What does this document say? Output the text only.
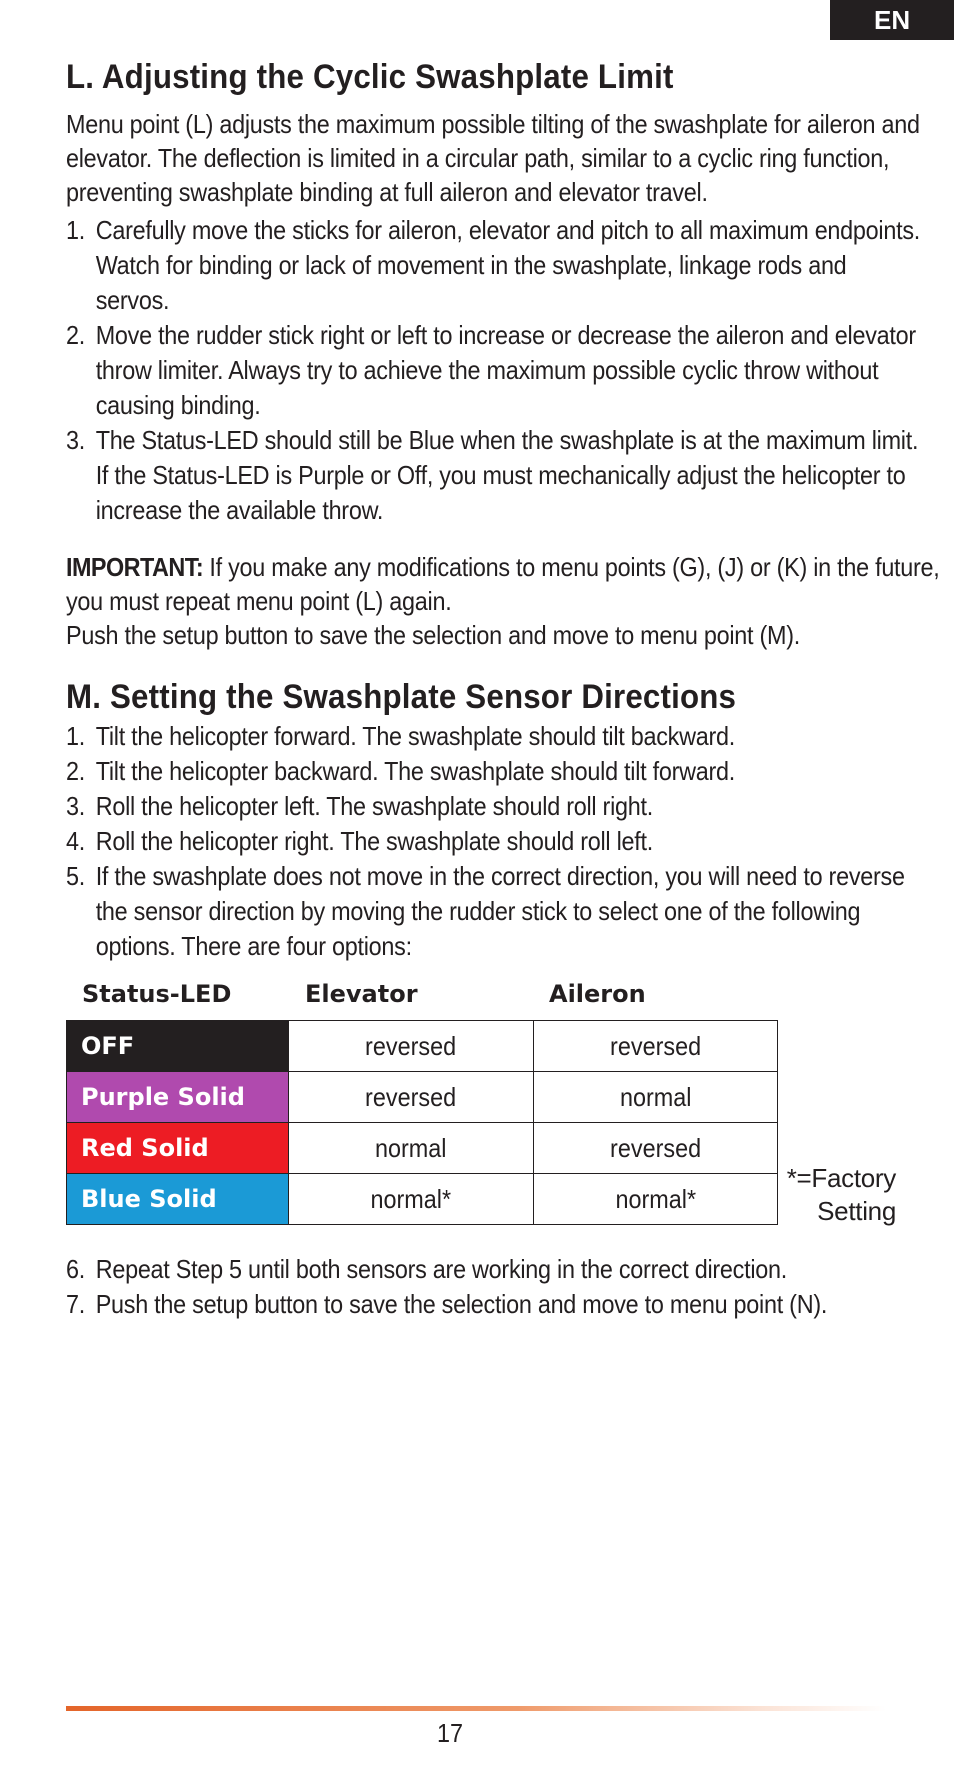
EN
L. Adjusting the Cyclic Swashplate Limit

Menu point (L) adjusts the maximum possible tilting of the swashplate for aileron and elevator. The deflection is limited in a circular path, similar to a cyclic ring function, preventing swashplate binding at full aileron and elevator travel.

1. Carefully move the sticks for aileron, elevator and pitch to all maximum endpoints. Watch for binding or lack of movement in the swashplate, linkage rods and servos.
2. Move the rudder stick right or left to increase or decrease the aileron and elevator throw limiter. Always try to achieve the maximum possible cyclic throw without causing binding.
3. The Status-LED should still be Blue when the swashplate is at the maximum limit. If the Status-LED is Purple or Off, you must mechanically adjust the helicopter to increase the available throw.

IMPORTANT: If you make any modifications to menu points (G), (J) or (K) in the future, you must repeat menu point (L) again.

Push the setup button to save the selection and move to menu point (M).

M. Setting the Swashplate Sensor Directions
1. Tilt the helicopter forward. The swashplate should tilt backward.
2. Tilt the helicopter backward. The swashplate should tilt forward.
3. Roll the helicopter left. The swashplate should roll right.
4. Roll the helicopter right. The swashplate should roll left.
5. If the swashplate does not move in the correct direction, you will need to reverse the sensor direction by moving the rudder stick to select one of the following options. There are four options:
Status-LED	Elevator	Aileron
OFF	reversed	reversed
Purple Solid	reversed	normal
Red Solid	normal	reversed
Blue Solid	normal*	normal*
*=Factory
Setting
6. Repeat Step 5 until both sensors are working in the correct direction.
7. Push the setup button to save the selection and move to menu point (N).
17
